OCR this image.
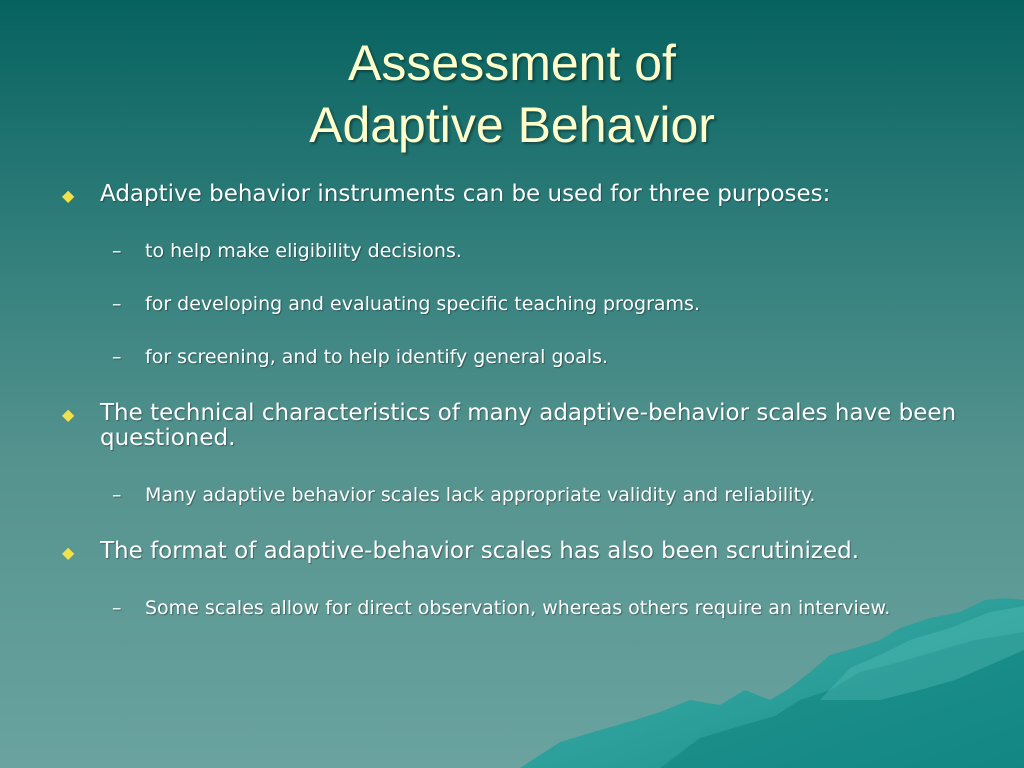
Assessment of
Adaptive Behavior
◆ Adaptive behavior instruments can be used for three purposes:
– to help make eligibility decisions.
– for developing and evaluating specific teaching programs.
– for screening, and to help identify general goals.
◆ The technical characteristics of many adaptive-behavior scales have been questioned.
– Many adaptive behavior scales lack appropriate validity and reliability.
◆ The format of adaptive-behavior scales has also been scrutinized.
– Some scales allow for direct observation, whereas others require an interview.
